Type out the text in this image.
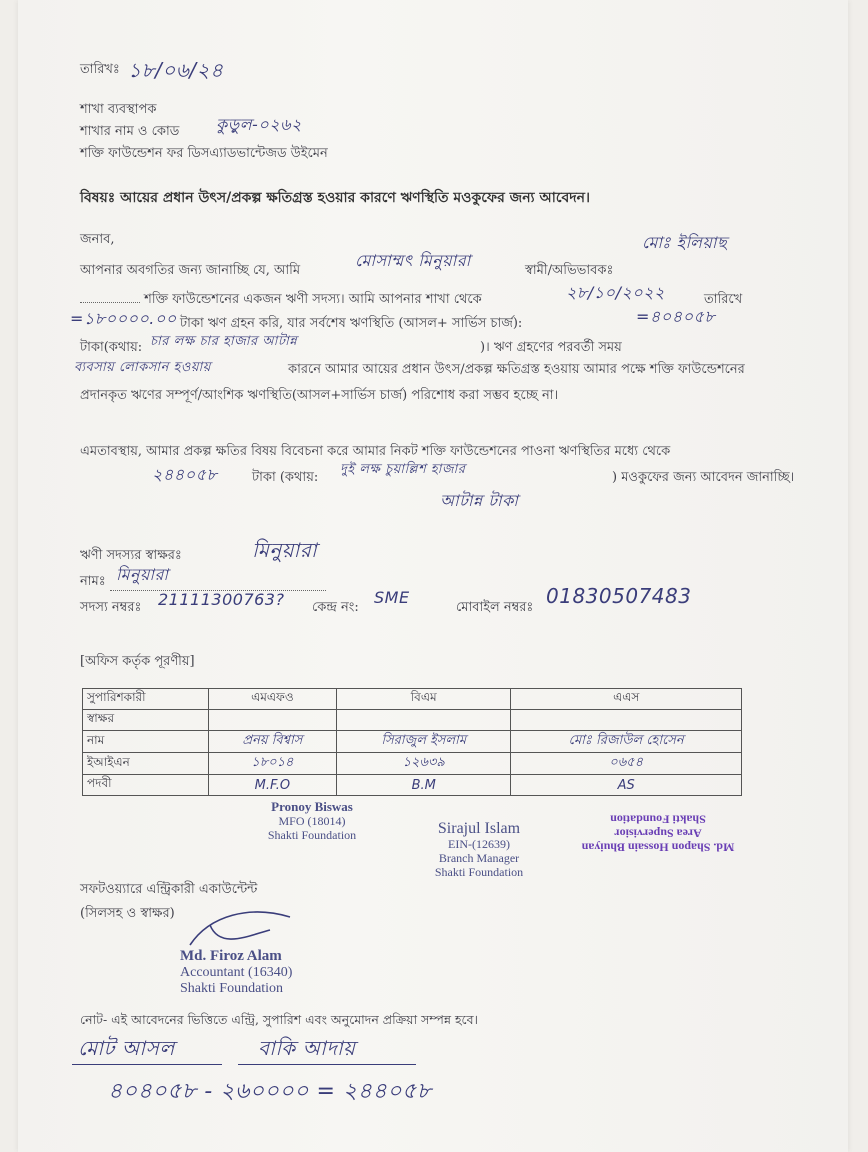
তারিখঃ ১৮/০৬/২৪
শাখা ব্যবস্থাপক
শাখার নাম ও কোড কুড়ুল-০২৬২
শক্তি ফাউন্ডেশন ফর ডিসএ্যাডভান্টেজড উইমেন
বিষয়ঃ আয়ের প্রধান উৎস/প্রকল্প ক্ষতিগ্রস্ত হওয়ার কারণে ঋণস্থিতি মওকুফের জন্য আবেদন।
জনাব,
আপনার অবগতির জন্য জানাচ্ছি যে, আমি
মোসাম্মৎ মিনুয়ারা
স্বামী/অভিভাবকঃ
মোঃ ইলিয়াছ
শক্তি ফাউন্ডেশনের একজন ঋণী সদস্য। আমি আপনার শাখা থেকে	২৮/১০/২০২২	তারিখে
=১৮০০০০.০০ টাকা ঋণ গ্রহন করি, যার সর্বশেষ ঋণস্থিতি (আসল+ সার্ভিস চার্জ):	=৪০৪০৫৮
টাকা(কথায়: চার লক্ষ চার হাজার আটান্ন	)। ঋণ গ্রহণের পরবর্তী সময়
ব্যবসায় লোকসান হওয়ায়	কারনে আমার আয়ের প্রধান উৎস/প্রকল্প ক্ষতিগ্রস্ত হওয়ায় আমার পক্ষে শক্তি ফাউন্ডেশনের প্রদানকৃত ঋণের সম্পূর্ণ/আংশিক ঋণস্থিতি(আসল+সার্ভিস চার্জ) পরিশোধ করা সম্ভব হচ্ছে না।
এমতাবস্থায়, আমার প্রকল্প ক্ষতির বিষয় বিবেচনা করে আমার নিকট শক্তি ফাউন্ডেশনের পাওনা ঋণস্থিতির মধ্যে থেকে
২৪৪০৫৮	টাকা (কথায়:
দুই লক্ষ চুয়াল্লিশ হাজার
) মওকুফের জন্য আবেদন জানাচ্ছি।
আটান্ন টাকা
ঋণী সদস্যর স্বাক্ষরঃ	মিনুয়ারা
নামঃ মিনুয়ারা
সদস্য নম্বরঃ 21111300763? কেন্দ্র নং:
SME
মোবাইল নম্বরঃ 01830507483
[অফিস কর্তৃক পূরণীয়]
সুপারিশকারী	এমএফও	বিএম	এএস
স্বাক্ষর			
নাম	প্রনয় বিশ্বাস	সিরাজুল ইসলাম	মোঃ রিজাউল হোসেন
ইআইএন	১৮০১৪	১২৬৩৯	০৬৫৪
পদবী	M.F.O	B.M	AS
Pronoy Biswas
MFO (18014)
Shakti Foundation	Sirajul Islam
EIN-(12639)
Branch Manager
Shakti Foundation
Md. Shapon Hossain Bhuiyan
Area Supervisior
Shakti Foundation
সফটওয়্যারে এন্ট্রিকারী একাউন্টেন্ট
(সিলসহ ও স্বাক্ষর)
Md. Firoz Alam
Accountant (16340)
Shakti Foundation
নোট- এই আবেদনের ভিত্তিতে এন্ট্রি, সুপারিশ এবং অনুমোদন প্রক্রিয়া সম্পন্ন হবে।
মোট আসল	বাকি আদায়
৪০৪০৫৮ - ২৬০০০০ = ২৪৪০৫৮
